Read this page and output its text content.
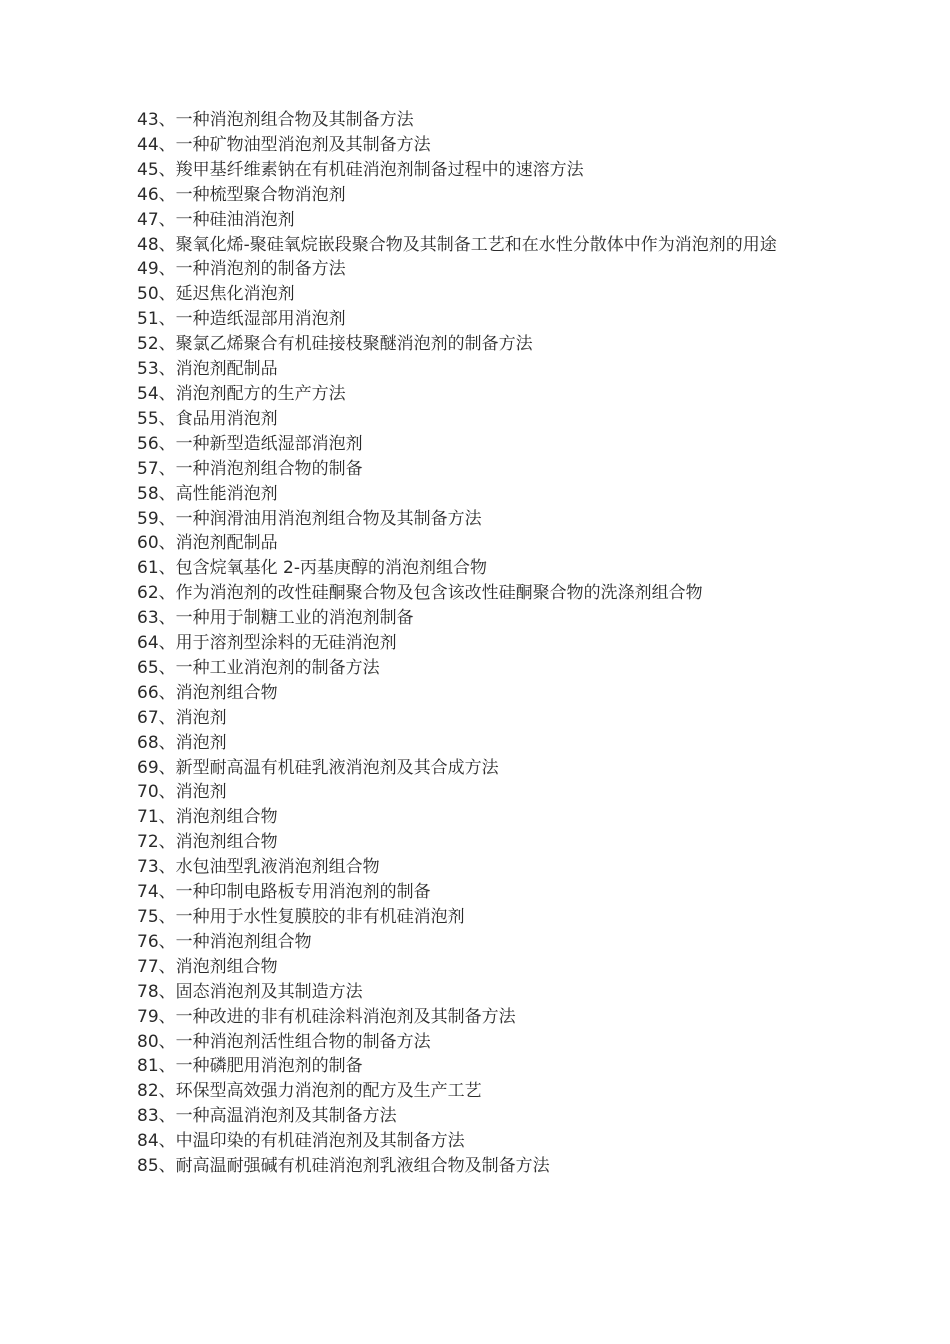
43、一种消泡剂组合物及其制备方法
44、一种矿物油型消泡剂及其制备方法
45、羧甲基纤维素钠在有机硅消泡剂制备过程中的速溶方法
46、一种梳型聚合物消泡剂
47、一种硅油消泡剂
48、聚氧化烯-聚硅氧烷嵌段聚合物及其制备工艺和在水性分散体中作为消泡剂的用途
49、一种消泡剂的制备方法
50、延迟焦化消泡剂
51、一种造纸湿部用消泡剂
52、聚氯乙烯聚合有机硅接枝聚醚消泡剂的制备方法
53、消泡剂配制品
54、消泡剂配方的生产方法
55、食品用消泡剂
56、一种新型造纸湿部消泡剂
57、一种消泡剂组合物的制备
58、高性能消泡剂
59、一种润滑油用消泡剂组合物及其制备方法
60、消泡剂配制品
61、包含烷氧基化 2-丙基庚醇的消泡剂组合物
62、作为消泡剂的改性硅酮聚合物及包含该改性硅酮聚合物的洗涤剂组合物
63、一种用于制糖工业的消泡剂制备
64、用于溶剂型涂料的无硅消泡剂
65、一种工业消泡剂的制备方法
66、消泡剂组合物
67、消泡剂
68、消泡剂
69、新型耐高温有机硅乳液消泡剂及其合成方法
70、消泡剂
71、消泡剂组合物
72、消泡剂组合物
73、水包油型乳液消泡剂组合物
74、一种印制电路板专用消泡剂的制备
75、一种用于水性复膜胶的非有机硅消泡剂
76、一种消泡剂组合物
77、消泡剂组合物
78、固态消泡剂及其制造方法
79、一种改进的非有机硅涂料消泡剂及其制备方法
80、一种消泡剂活性组合物的制备方法
81、一种磷肥用消泡剂的制备
82、环保型高效强力消泡剂的配方及生产工艺
83、一种高温消泡剂及其制备方法
84、中温印染的有机硅消泡剂及其制备方法
85、耐高温耐强碱有机硅消泡剂乳液组合物及制备方法
